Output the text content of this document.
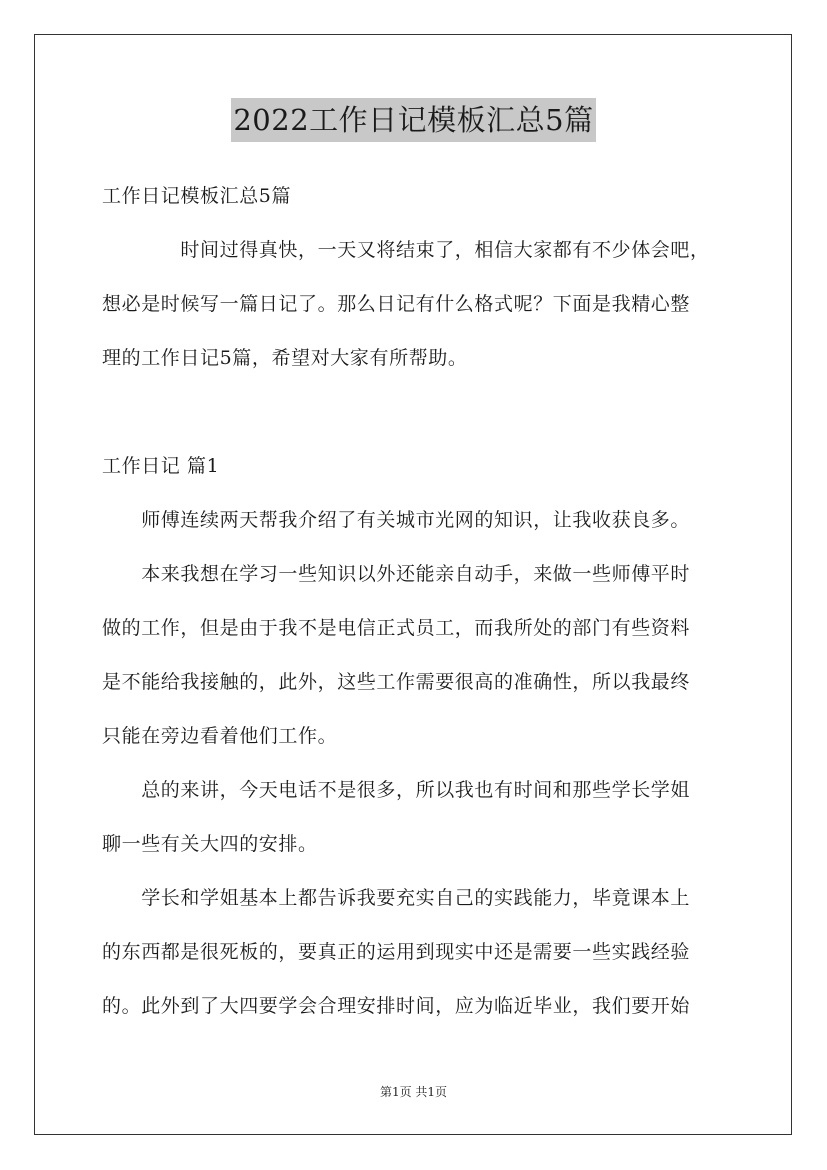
2022工作日记模板汇总5篇
工作日记模板汇总5篇
　　　　时间过得真快，一天又将结束了，相信大家都有不少体会吧，
想必是时候写一篇日记了。那么日记有什么格式呢？下面是我精心整
理的工作日记5篇，希望对大家有所帮助。
工作日记 篇1
　　师傅连续两天帮我介绍了有关城市光网的知识，让我收获良多。
　　本来我想在学习一些知识以外还能亲自动手，来做一些师傅平时
做的工作，但是由于我不是电信正式员工，而我所处的部门有些资料
是不能给我接触的，此外，这些工作需要很高的准确性，所以我最终
只能在旁边看着他们工作。
　　总的来讲，今天电话不是很多，所以我也有时间和那些学长学姐
聊一些有关大四的安排。
　　学长和学姐基本上都告诉我要充实自己的实践能力，毕竟课本上
的东西都是很死板的，要真正的运用到现实中还是需要一些实践经验
的。此外到了大四要学会合理安排时间，应为临近毕业，我们要开始
第1页 共1页
